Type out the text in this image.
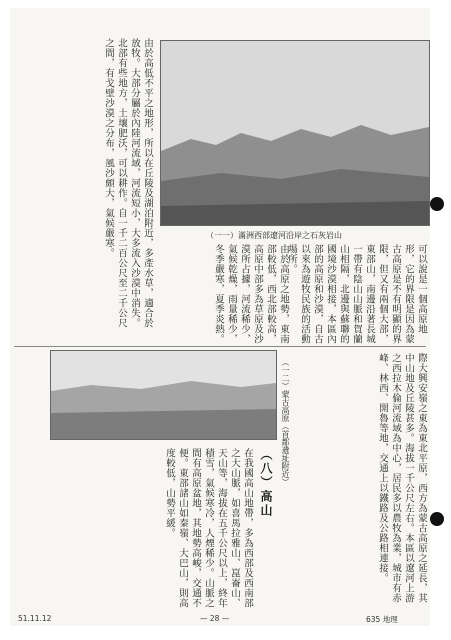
（一一）滿洲西部遼河沿岸之石灰岩山
（一二）蒙古高原（首都遺址附近）
可以說是一個高原地形，它的界限是因為蒙古高原是不有明顯的界限，但又有兩個大部，東部山，南邊沿著長城一帶有陰山山脈和賀蘭山相隔，北邊與蘇聯的國境沙漠相接，本區內部的高原和沙漠，自古以來為遊牧民族的活動場所。
由於高低不平之地形，所以在丘陵及湖泊附近，多產水草，適合於放牧。大部分屬於內陸河流域，河流短小，大多流入沙漠中消失。北部有些地方，土壤肥沃，可以耕作。自一千二百公尺至二千公尺之間，有戈壁沙漠之分布，風沙頗大，氣候嚴寒。
際大興安嶺之東為東北平原，西方為蒙古高原之延長，其中山地及丘陵甚多。海拔一千公尺左右。本區以遼河上游之西拉木倫河流域為中心，居民多以農牧為業，城市有赤峰、林西、開魯等地，交通上以鐵路及公路相連接。
由於高原之地勢，東南部較低，西北部較高，高原中部多為草原及沙漠所占據，河流稀少，氣候乾燥，雨量稀少，冬季嚴寒，夏季炎熱。
（八）高山
在我國高山地帶，多為西部及西南部之大山脈，如喜馬拉雅山、崑崙山、天山等，海拔在五千公尺以上，終年積雪，氣候寒冷，人煙稀少。山脈之間有高原盆地，其地勢高峻，交通不便。東部諸山如秦嶺、大巴山，則高度較低，山勢平緩。
51.11.12	— 28 —	635 地理
